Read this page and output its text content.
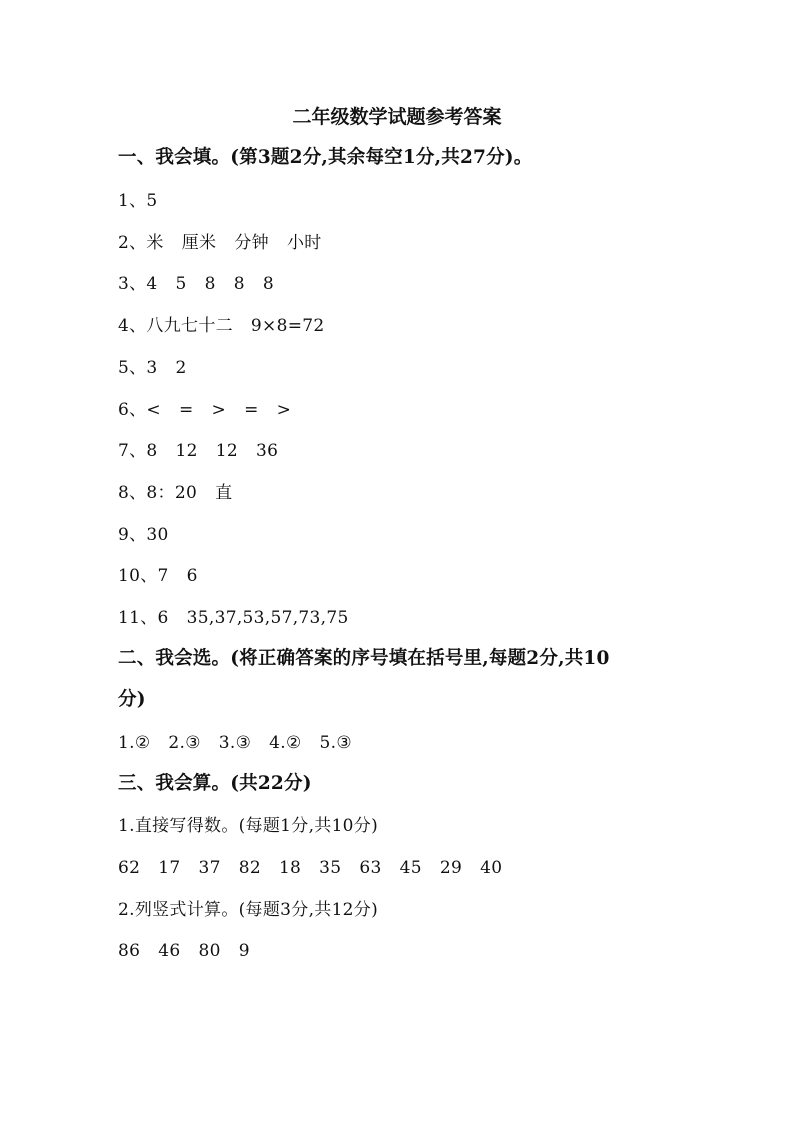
二年级数学试题参考答案
一、我会填。(第3题2分,其余每空1分,共27分)。
1、5
2、米 厘米 分钟 小时
3、4 5 8 8 8
4、八九七十二 9×8=72
5、3 2
6、< = > = >
7、8 12 12 36
8、8：20 直
9、30
10、7 6
11、6 35,37,53,57,73,75
二、我会选。(将正确答案的序号填在括号里,每题2分,共10
分)
1.② 2.③ 3.③ 4.② 5.③
三、我会算。(共22分)
1.直接写得数。(每题1分,共10分)
62 17 37 82 18 35 63 45 29 40
2.列竖式计算。(每题3分,共12分)
86 46 80 9
